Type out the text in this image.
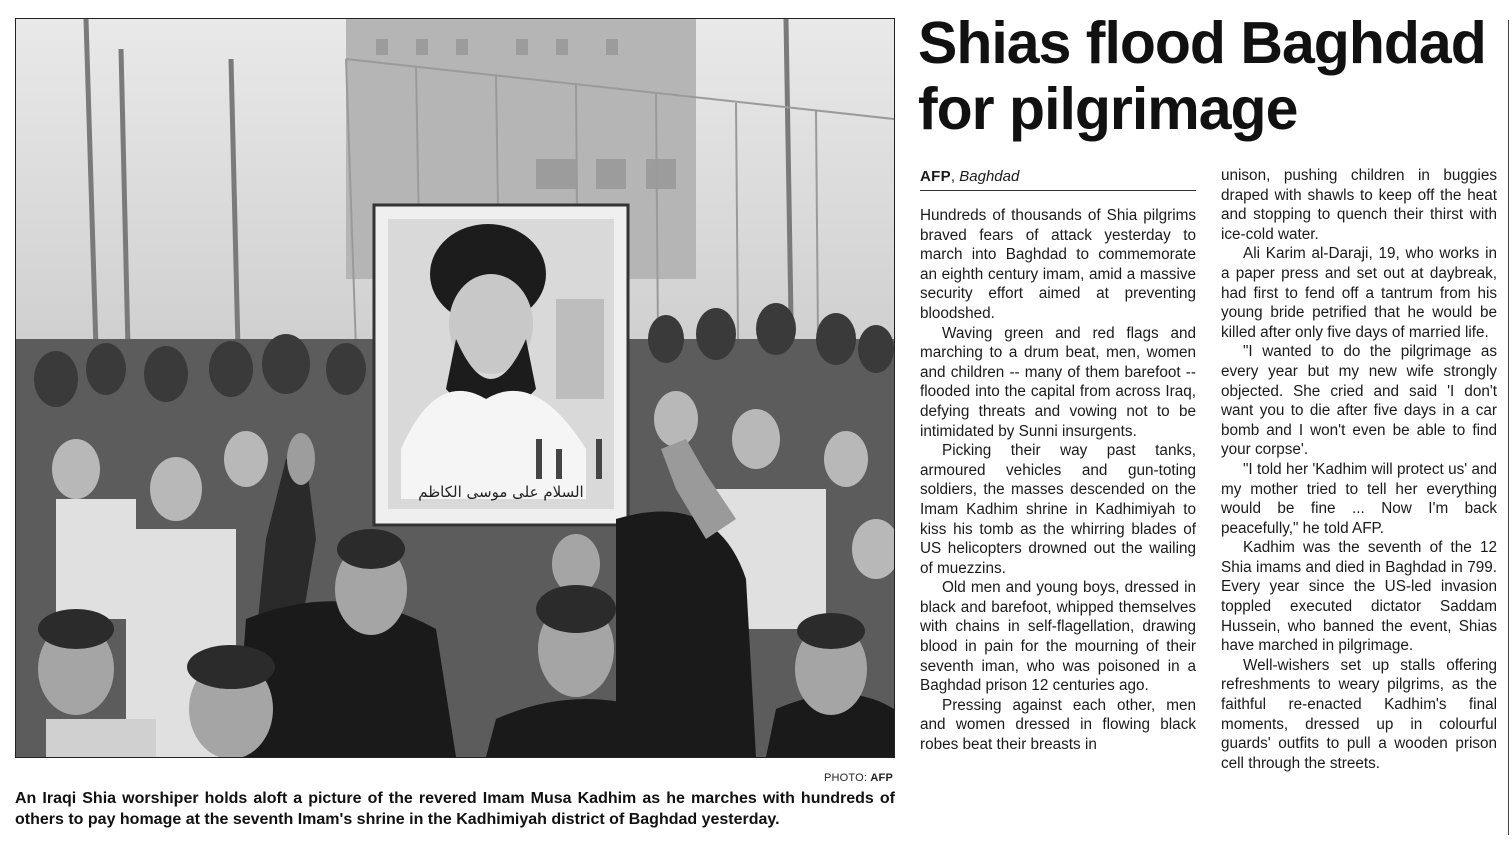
السلام على موسى الكاظم
PHOTO: AFP
An Iraqi Shia worshiper holds aloft a picture of the revered Imam Musa Kadhim as he marches with hundreds of others to pay homage at the seventh Imam's shrine in the Kadhimiyah district of Baghdad yesterday.
Shias flood Baghdad for pilgrimage
AFP, Baghdad

Hundreds of thousands of Shia pilgrims braved fears of attack yesterday to march into Baghdad to commemorate an eighth century imam, amid a massive security effort aimed at preventing bloodshed.

Waving green and red flags and marching to a drum beat, men, women and children -- many of them barefoot -- flooded into the capital from across Iraq, defying threats and vowing not to be intimidated by Sunni insurgents.

Picking their way past tanks, armoured vehicles and gun-toting soldiers, the masses descended on the Imam Kadhim shrine in Kadhimiyah to kiss his tomb as the whirring blades of US helicopters drowned out the wailing of muezzins.

Old men and young boys, dressed in black and barefoot, whipped themselves with chains in self-flagellation, drawing blood in pain for the mourning of their seventh iman, who was poisoned in a Baghdad prison 12 centuries ago.

Pressing against each other, men and women dressed in flowing black robes beat their breasts in

unison, pushing children in buggies draped with shawls to keep off the heat and stopping to quench their thirst with ice-cold water.

Ali Karim al-Daraji, 19, who works in a paper press and set out at daybreak, had first to fend off a tantrum from his young bride petrified that he would be killed after only five days of married life.

"I wanted to do the pilgrimage as every year but my new wife strongly objected. She cried and said 'I don't want you to die after five days in a car bomb and I won't even be able to find your corpse'.

"I told her 'Kadhim will protect us' and my mother tried to tell her everything would be fine ... Now I'm back peacefully," he told AFP.

Kadhim was the seventh of the 12 Shia imams and died in Baghdad in 799. Every year since the US-led invasion toppled executed dictator Saddam Hussein, who banned the event, Shias have marched in pilgrimage.

Well-wishers set up stalls offering refreshments to weary pilgrims, as the faithful re-enacted Kadhim's final moments, dressed up in colourful guards' outfits to pull a wooden prison cell through the streets.
